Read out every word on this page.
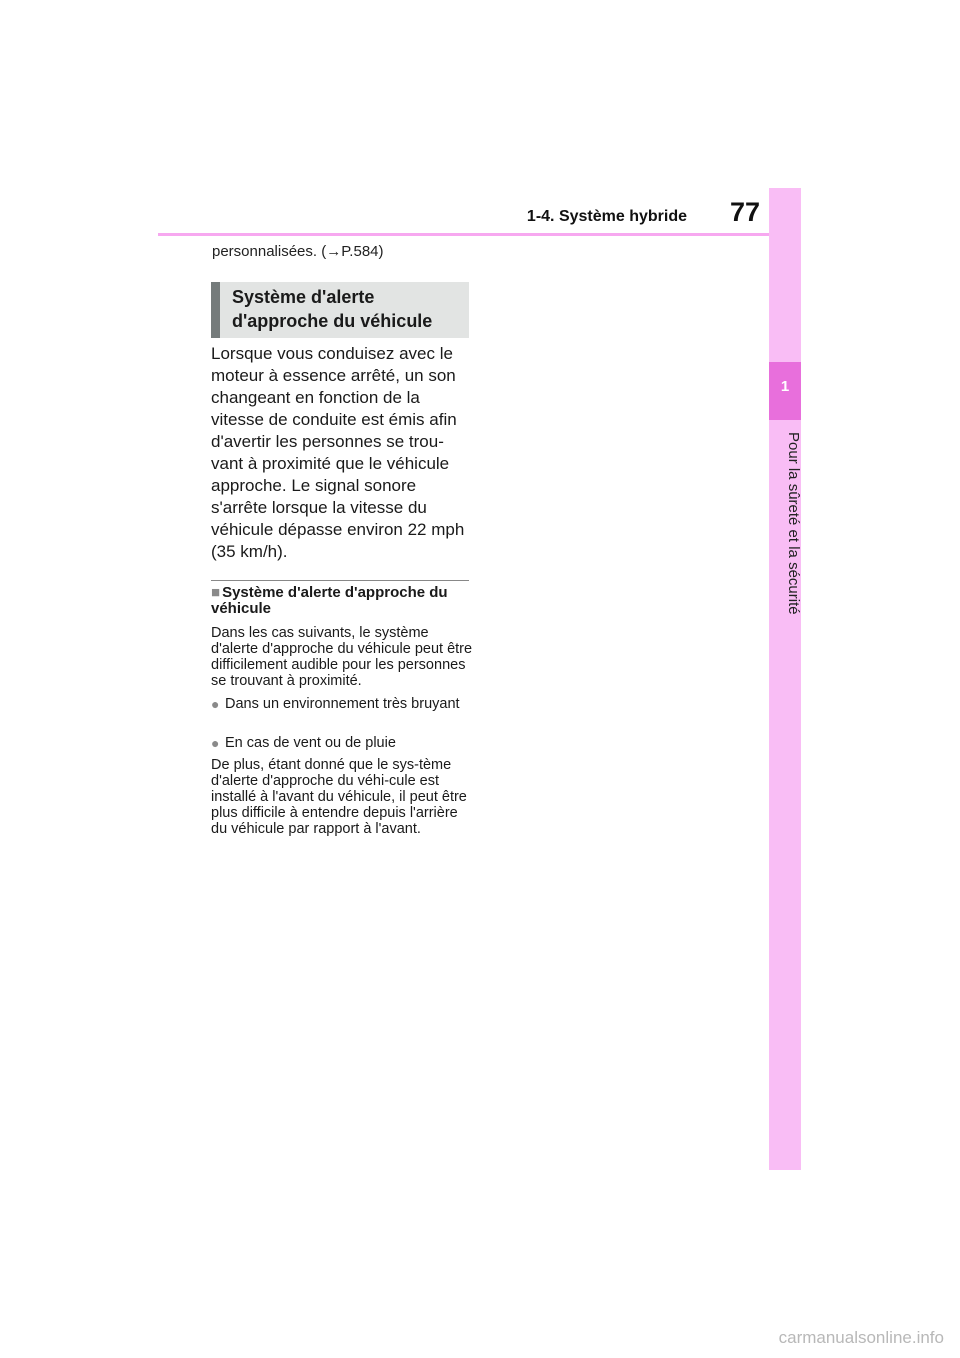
1
Pour la sûreté et la sécurité
1-4. Système hybride	77
personnalisées. (→P.584)
Système d'alerte d'approche du véhicule

Lorsque vous conduisez avec le moteur à essence arrêté, un son changeant en fonction de la vitesse de conduite est émis afin d'avertir les personnes se trou-vant à proximité que le véhicule approche. Le signal sonore s'arrête lorsque la vitesse du véhicule dépasse environ 22 mph (35 km/h).

■ Système d'alerte d'approche du véhicule

Dans les cas suivants, le système d'alerte d'approche du véhicule peut être difficilement audible pour les personnes se trouvant à proximité.

● Dans un environnement très bruyant
● En cas de vent ou de pluie

De plus, étant donné que le sys-tème d'alerte d'approche du véhi-cule est installé à l'avant du véhicule, il peut être plus difficile à entendre depuis l'arrière du véhicule par rapport à l'avant.

carmanualsonline.info
